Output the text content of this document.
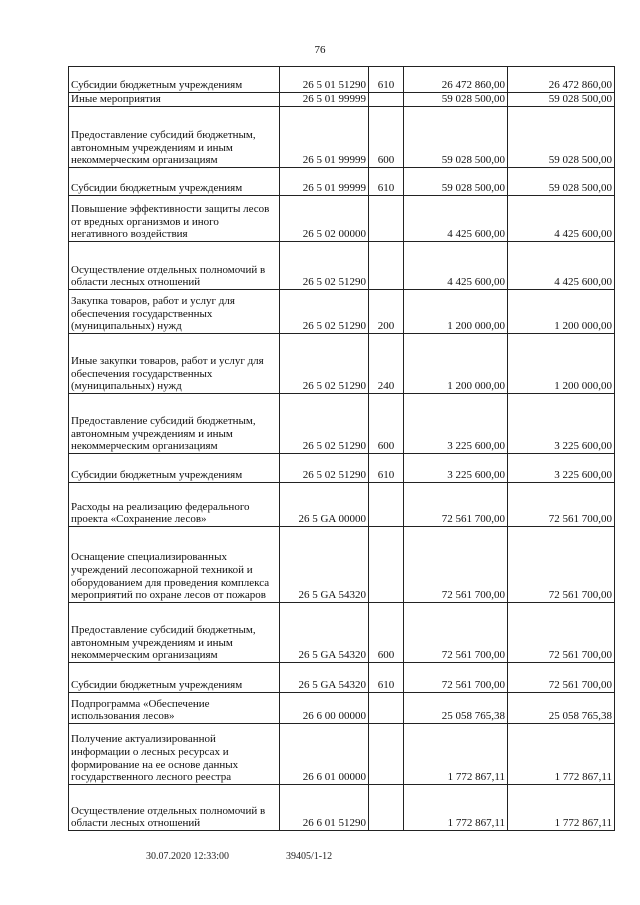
76
Субсидии бюджетным учреждениям	26 5 01 51290	610	26 472 860,00	26 472 860,00
Иные мероприятия	26 5 01 99999		59 028 500,00	59 028 500,00
Предоставление субсидий бюджетным, автономным учреждениям и иным некоммерческим организациям	26 5 01 99999	600	59 028 500,00	59 028 500,00
Субсидии бюджетным учреждениям	26 5 01 99999	610	59 028 500,00	59 028 500,00
Повышение эффективности защиты лесов от вредных организмов и иного негативного воздействия	26 5 02 00000		4 425 600,00	4 425 600,00
Осуществление отдельных полномочий в области лесных отношений	26 5 02 51290		4 425 600,00	4 425 600,00
Закупка товаров, работ и услуг для обеспечения государственных (муниципальных) нужд	26 5 02 51290	200	1 200 000,00	1 200 000,00
Иные закупки товаров, работ и услуг для обеспечения государственных (муниципальных) нужд	26 5 02 51290	240	1 200 000,00	1 200 000,00
Предоставление субсидий бюджетным, автономным учреждениям и иным некоммерческим организациям	26 5 02 51290	600	3 225 600,00	3 225 600,00
Субсидии бюджетным учреждениям	26 5 02 51290	610	3 225 600,00	3 225 600,00
Расходы на реализацию федерального проекта «Сохранение лесов»	26 5 GA 00000		72 561 700,00	72 561 700,00
Оснащение специализированных учреждений лесопожарной техникой и оборудованием для проведения комплекса мероприятий по охране лесов от пожаров	26 5 GA 54320		72 561 700,00	72 561 700,00
Предоставление субсидий бюджетным, автономным учреждениям и иным некоммерческим организациям	26 5 GA 54320	600	72 561 700,00	72 561 700,00
Субсидии бюджетным учреждениям	26 5 GA 54320	610	72 561 700,00	72 561 700,00
Подпрограмма «Обеспечение использования лесов»	26 6 00 00000		25 058 765,38	25 058 765,38
Получение актуализированной информации о лесных ресурсах и формирование на ее основе данных государственного лесного реестра	26 6 01 00000		1 772 867,11	1 772 867,11
Осуществление отдельных полномочий в области лесных отношений	26 6 01 51290		1 772 867,11	1 772 867,11
30.07.2020 12:33:00	39405/1-12
